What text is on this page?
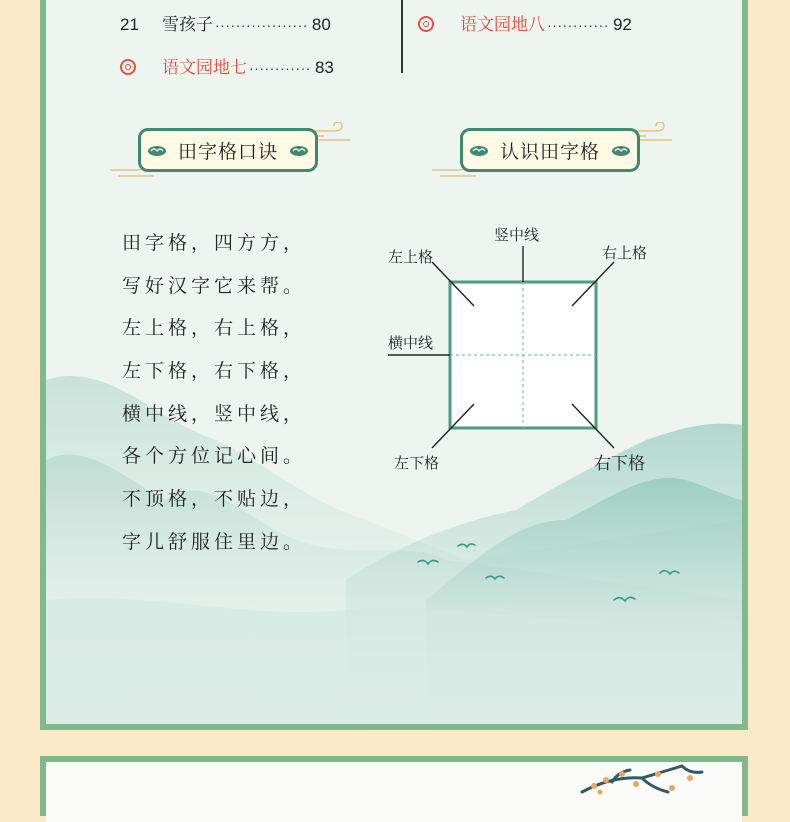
21	雪孩子 ·················· 80
语文园地七 ············ 83
语文园地八 ············ 92
田字格口诀	认识田字格
田字格，四方方，
写好汉字它来帮。
左上格，右上格，
左下格，右下格，
横中线，竖中线，
各个方位记心间。
不顶格，不贴边，
字儿舒服住里边。
竖中线
左上格	右上格
横中线
左下格	右下格
